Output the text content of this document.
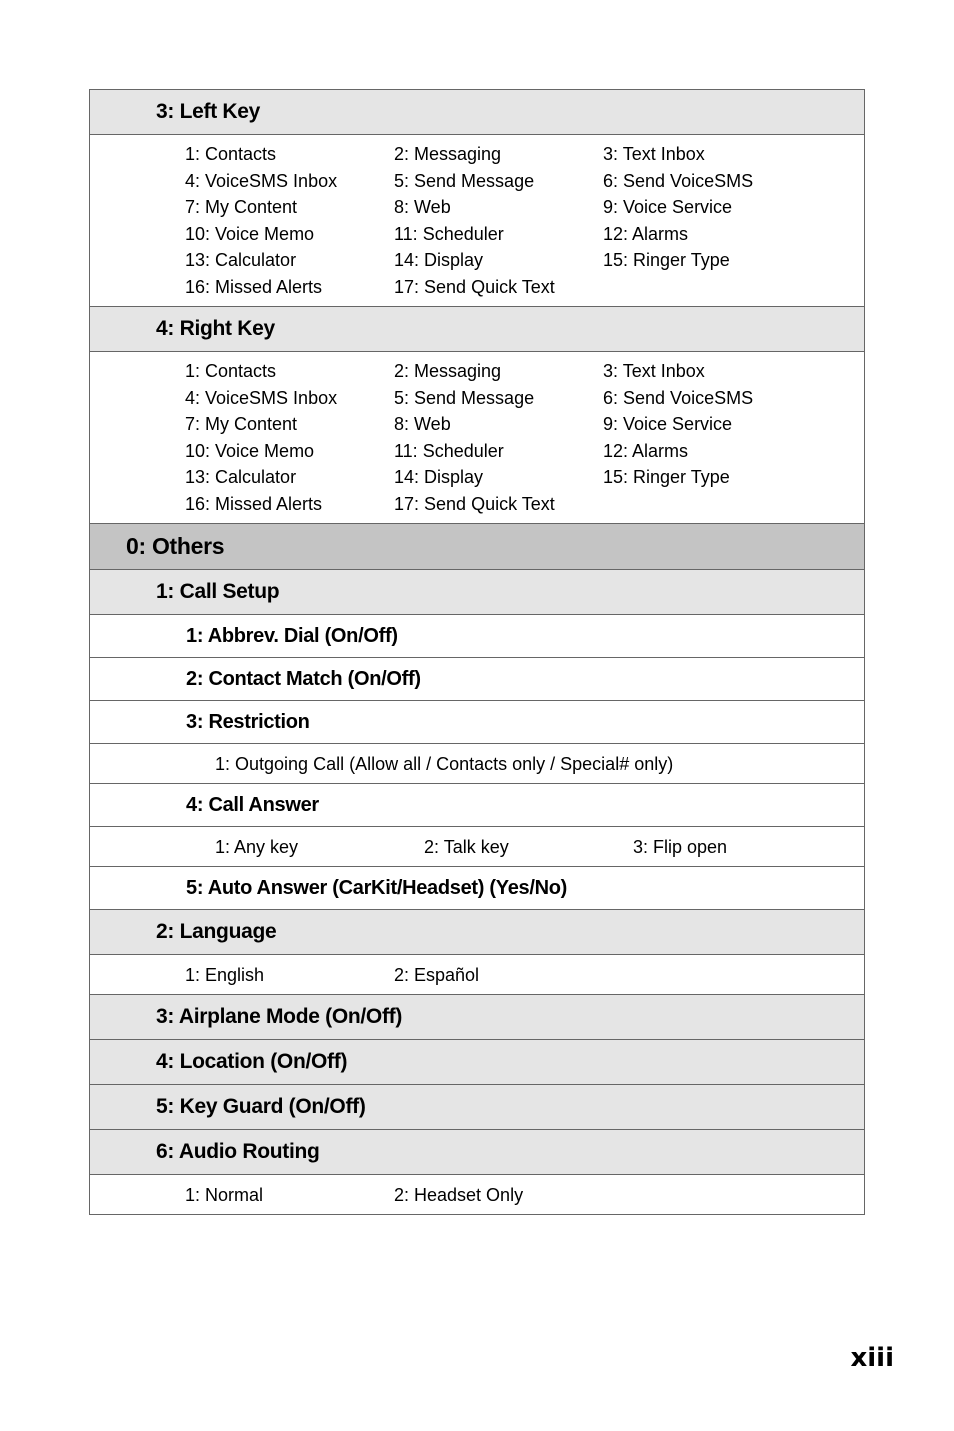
3: Left Key
1: Contacts	2: Messaging	3: Text Inbox
4: VoiceSMS Inbox	5: Send Message	6: Send VoiceSMS
7: My Content	8: Web	9: Voice Service
10: Voice Memo	11: Scheduler	12: Alarms
13: Calculator	14: Display	15: Ringer Type
16: Missed Alerts	17: Send Quick Text
4: Right Key
1: Contacts	2: Messaging	3: Text Inbox
4: VoiceSMS Inbox	5: Send Message	6: Send VoiceSMS
7: My Content	8: Web	9: Voice Service
10: Voice Memo	11: Scheduler	12: Alarms
13: Calculator	14: Display	15: Ringer Type
16: Missed Alerts	17: Send Quick Text
0: Others
1: Call Setup
1: Abbrev. Dial (On/Off)
2: Contact Match (On/Off)
3: Restriction
1: Outgoing Call (Allow all / Contacts only / Special# only)
4: Call Answer
1: Any key	2: Talk key	3: Flip open
5: Auto Answer (CarKit/Headset) (Yes/No)
2: Language
1: English	2: Español
3: Airplane Mode (On/Off)
4: Location (On/Off)
5: Key Guard (On/Off)
6: Audio Routing
1: Normal	2: Headset Only
xiii
